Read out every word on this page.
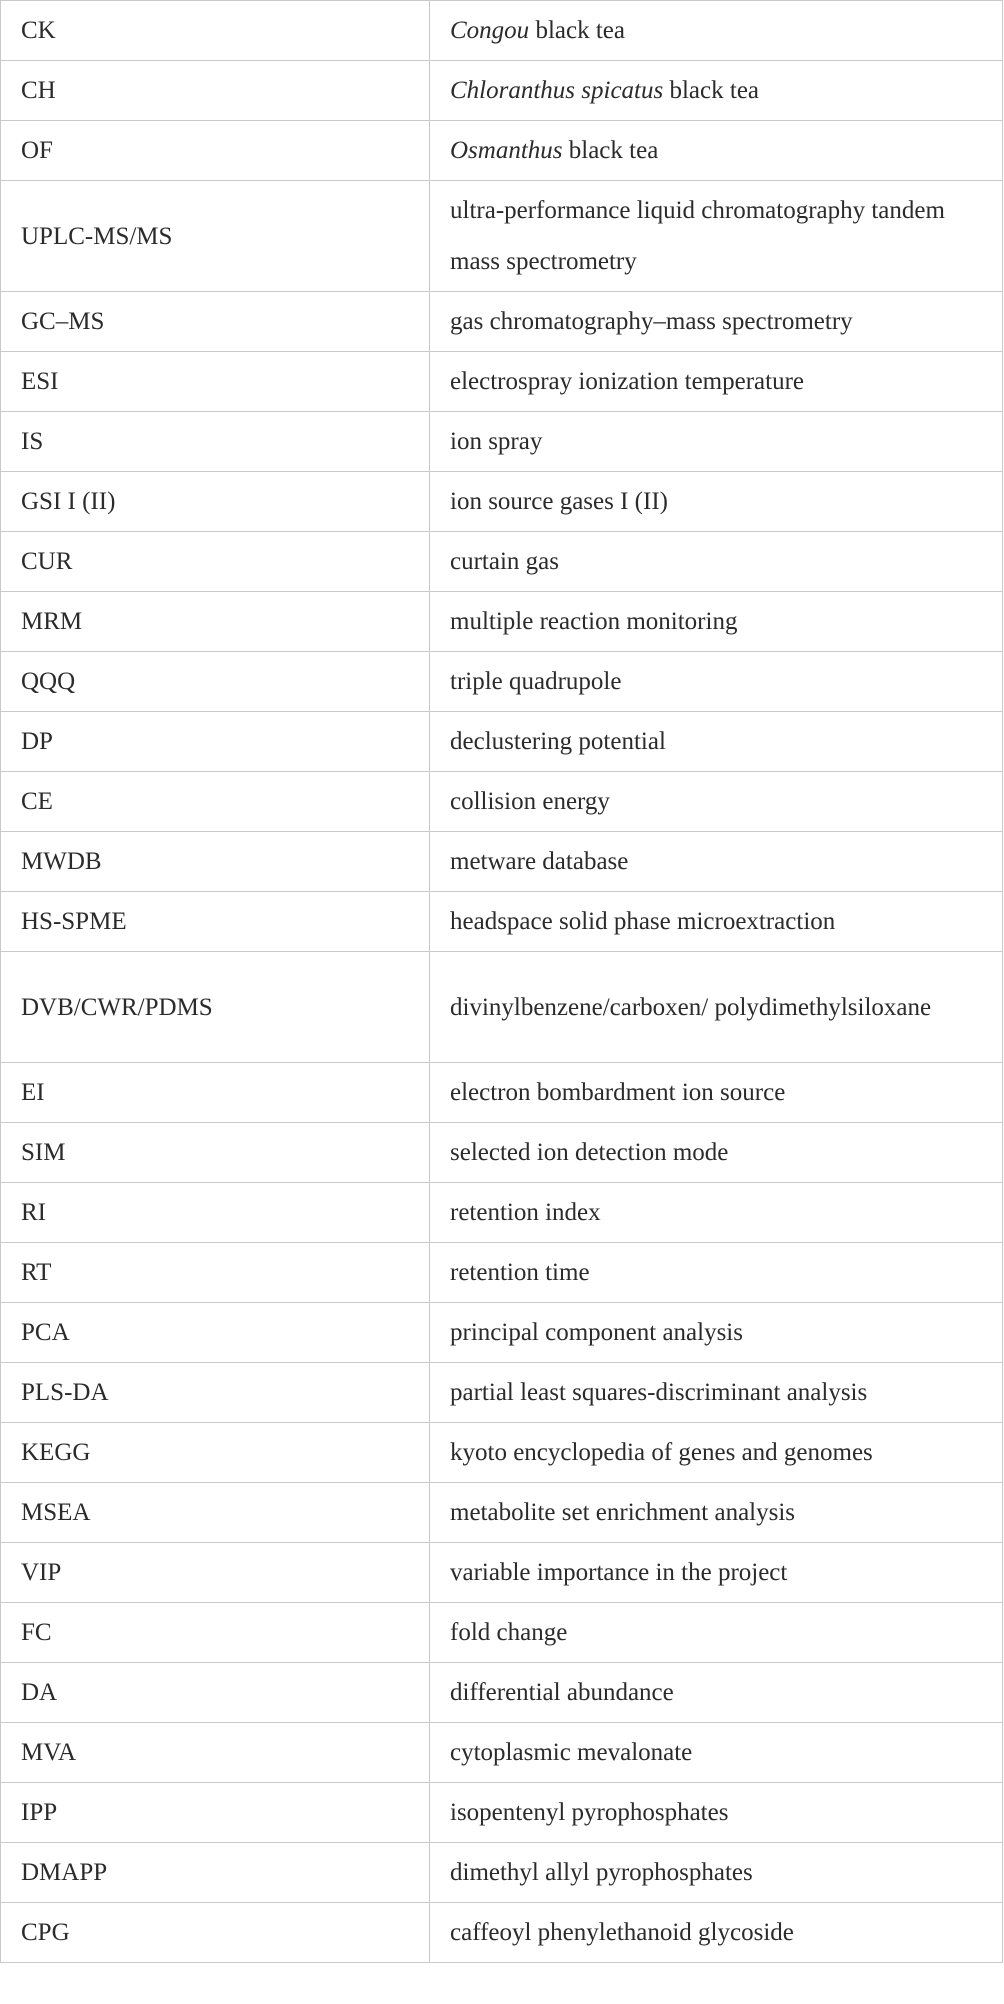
CK	Congou black tea
CH	Chloranthus spicatus black tea
OF	Osmanthus black tea
UPLC-MS/MS	ultra-performance liquid chromatography tandem mass spectrometry
GC–MS	gas chromatography–mass spectrometry
ESI	electrospray ionization temperature
IS	ion spray
GSI I (II)	ion source gases I (II)
CUR	curtain gas
MRM	multiple reaction monitoring
QQQ	triple quadrupole
DP	declustering potential
CE	collision energy
MWDB	metware database
HS-SPME	headspace solid phase microextraction
DVB/CWR/PDMS	divinylbenzene/carboxen/ polydimethylsiloxane
EI	electron bombardment ion source
SIM	selected ion detection mode
RI	retention index
RT	retention time
PCA	principal component analysis
PLS-DA	partial least squares-discriminant analysis
KEGG	kyoto encyclopedia of genes and genomes
MSEA	metabolite set enrichment analysis
VIP	variable importance in the project
FC	fold change
DA	differential abundance
MVA	cytoplasmic mevalonate
IPP	isopentenyl pyrophosphates
DMAPP	dimethyl allyl pyrophosphates
CPG	caffeoyl phenylethanoid glycoside
